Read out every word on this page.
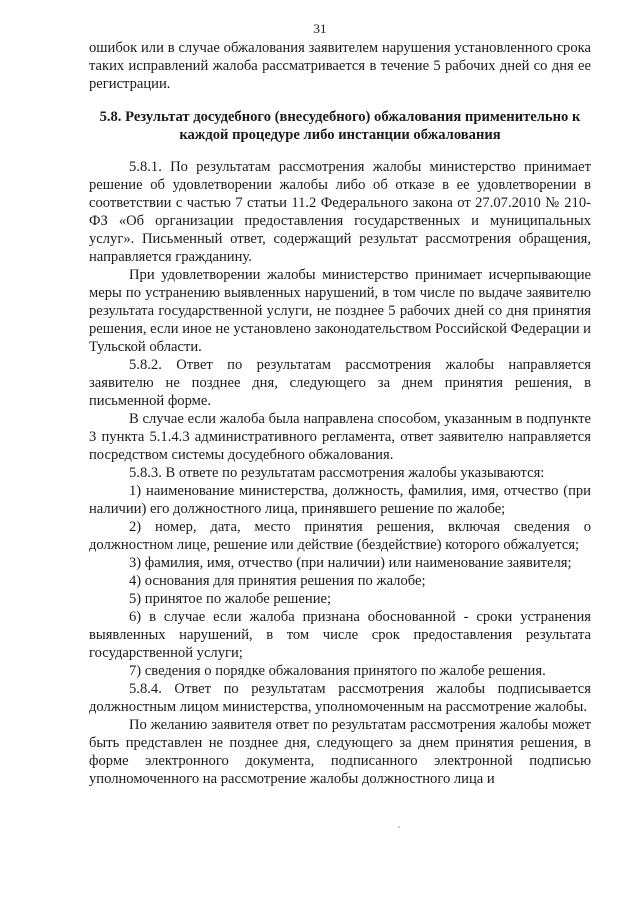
31

ошибок или в случае обжалования заявителем нарушения установленного срока таких исправлений жалоба рассматривается в течение 5 рабочих дней со дня ее регистрации.

5.8. Результат досудебного (внесудебного) обжалования применительно к
каждой процедуре либо инстанции обжалования

5.8.1. По результатам рассмотрения жалобы министерство принимает решение об удовлетворении жалобы либо об отказе в ее удовлетворении в соответствии с частью 7 статьи 11.2 Федерального закона от 27.07.2010 № 210-ФЗ «Об организации предоставления государственных и муниципальных услуг». Письменный ответ, содержащий результат рассмотрения обращения, направляется гражданину.

При удовлетворении жалобы министерство принимает исчерпывающие меры по устранению выявленных нарушений, в том числе по выдаче заявителю результата государственной услуги, не позднее 5 рабочих дней со дня принятия решения, если иное не установлено законодательством Российской Федерации и Тульской области.

5.8.2. Ответ по результатам рассмотрения жалобы направляется заявителю не позднее дня, следующего за днем принятия решения, в письменной форме.

В случае если жалоба была направлена способом, указанным в подпункте 3 пункта 5.1.4.3 административного регламента, ответ заявителю направляется посредством системы досудебного обжалования.

5.8.3. В ответе по результатам рассмотрения жалобы указываются:

1) наименование министерства, должность, фамилия, имя, отчество (при наличии) его должностного лица, принявшего решение по жалобе;

2) номер, дата, место принятия решения, включая сведения о должностном лице, решение или действие (бездействие) которого обжалуется;

3) фамилия, имя, отчество (при наличии) или наименование заявителя;

4) основания для принятия решения по жалобе;

5) принятое по жалобе решение;

6) в случае если жалоба признана обоснованной - сроки устранения выявленных нарушений, в том числе срок предоставления результата государственной услуги;

7) сведения о порядке обжалования принятого по жалобе решения.

5.8.4. Ответ по результатам рассмотрения жалобы подписывается должностным лицом министерства, уполномоченным на рассмотрение жалобы.

По желанию заявителя ответ по результатам рассмотрения жалобы может быть представлен не позднее дня, следующего за днем принятия решения, в форме электронного документа, подписанного электронной подписью уполномоченного на рассмотрение жалобы должностного лица и
